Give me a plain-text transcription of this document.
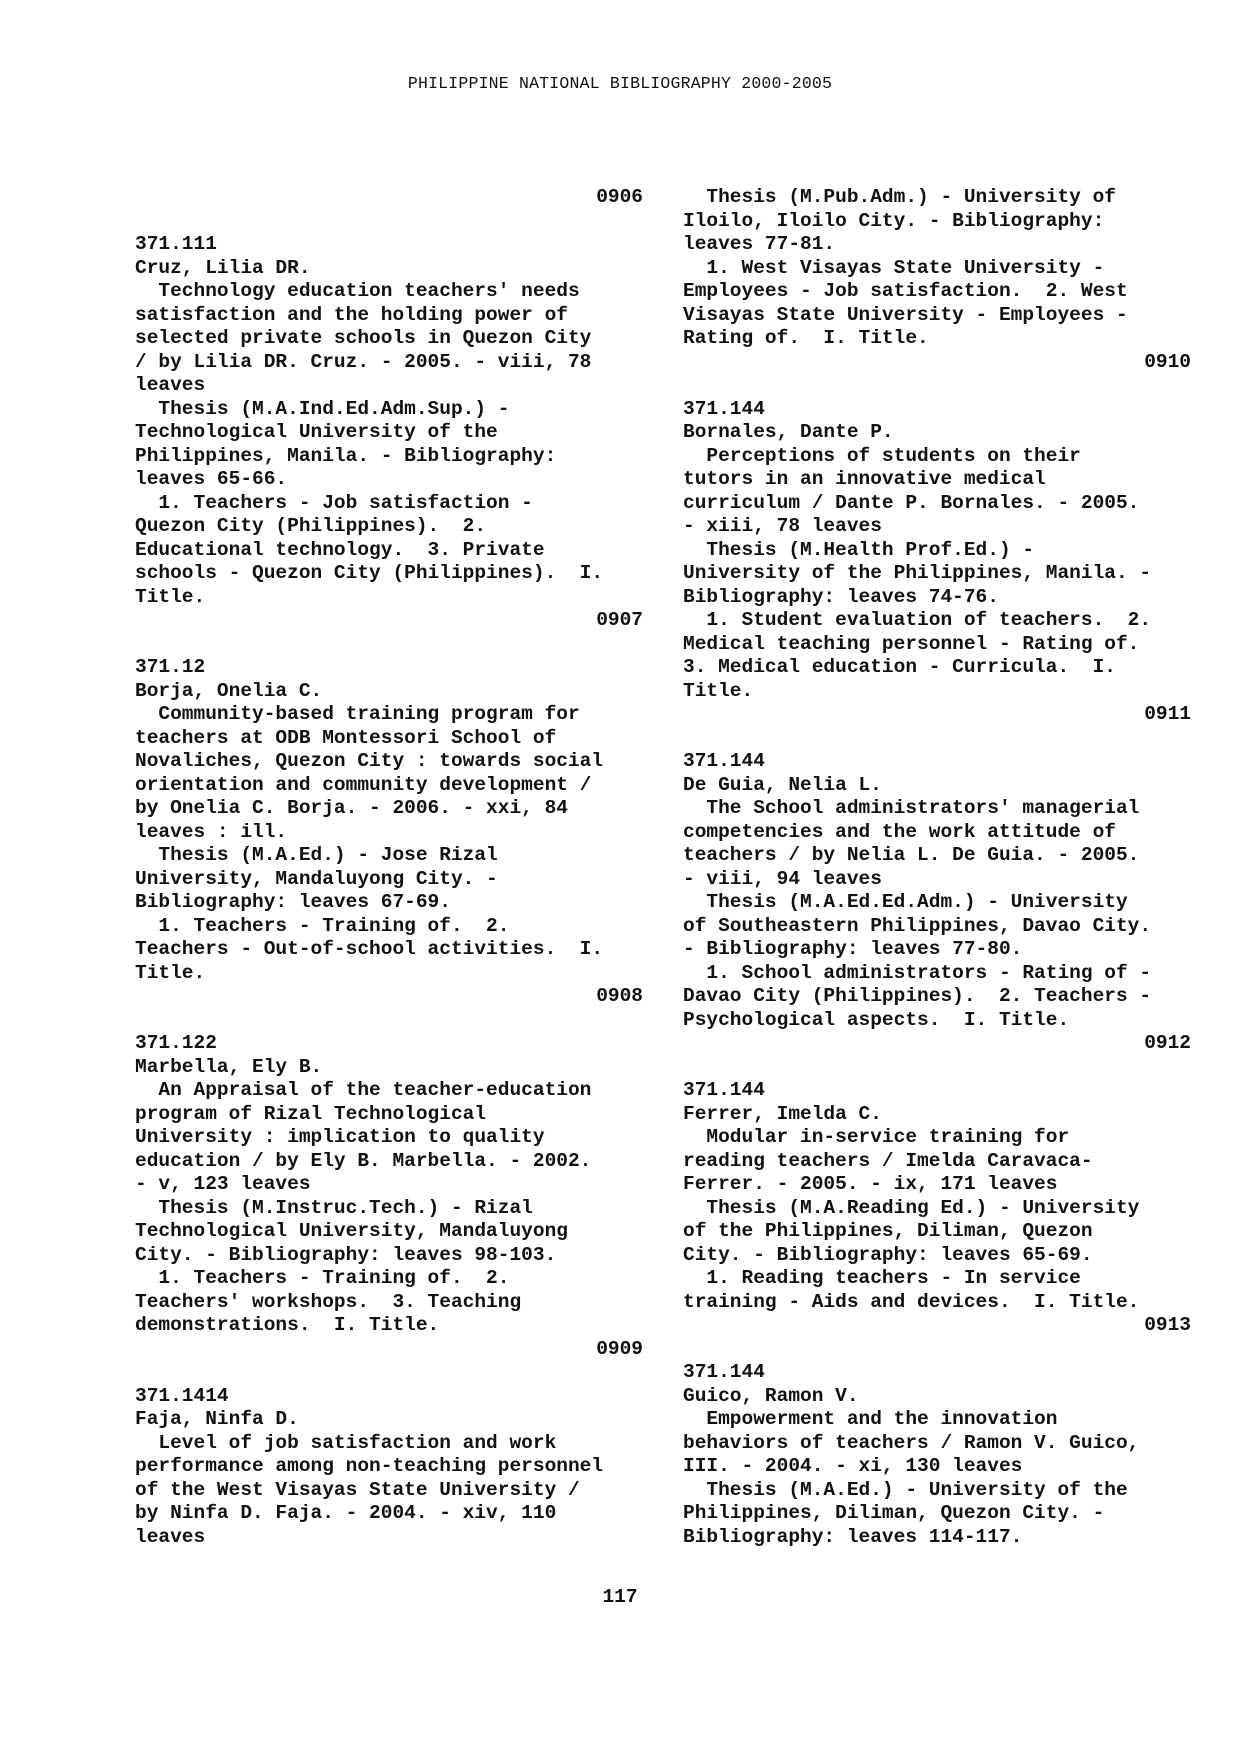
PHILIPPINE NATIONAL BIBLIOGRAPHY 2000-2005
0906
371.111
Cruz, Lilia DR.
Technology education teachers' needs
satisfaction and the holding power of
selected private schools in Quezon City
/ by Lilia DR. Cruz. - 2005. - viii, 78
leaves
Thesis (M.A.Ind.Ed.Adm.Sup.) -
Technological University of the
Philippines, Manila. - Bibliography:
leaves 65-66.
1. Teachers - Job satisfaction -
Quezon City (Philippines).  2.
Educational technology.  3. Private
schools - Quezon City (Philippines).  I.
Title.
0907
371.12
Borja, Onelia C.
Community-based training program for
teachers at ODB Montessori School of
Novaliches, Quezon City : towards social
orientation and community development /
by Onelia C. Borja. - 2006. - xxi, 84
leaves : ill.
Thesis (M.A.Ed.) - Jose Rizal
University, Mandaluyong City. -
Bibliography: leaves 67-69.
1. Teachers - Training of.  2.
Teachers - Out-of-school activities.  I.
Title.
0908
371.122
Marbella, Ely B.
An Appraisal of the teacher-education
program of Rizal Technological
University : implication to quality
education / by Ely B. Marbella. - 2002.
- v, 123 leaves
Thesis (M.Instruc.Tech.) - Rizal
Technological University, Mandaluyong
City. - Bibliography: leaves 98-103.
1. Teachers - Training of.  2.
Teachers' workshops.  3. Teaching
demonstrations.  I. Title.
0909
371.1414
Faja, Ninfa D.
Level of job satisfaction and work
performance among non-teaching personnel
of the West Visayas State University /
by Ninfa D. Faja. - 2004. - xiv, 110
leaves
Thesis (M.Pub.Adm.) - University of
Iloilo, Iloilo City. - Bibliography:
leaves 77-81.
1. West Visayas State University -
Employees - Job satisfaction.  2. West
Visayas State University - Employees -
Rating of.  I. Title.
0910
371.144
Bornales, Dante P.
Perceptions of students on their
tutors in an innovative medical
curriculum / Dante P. Bornales. - 2005.
- xiii, 78 leaves
Thesis (M.Health Prof.Ed.) -
University of the Philippines, Manila. -
Bibliography: leaves 74-76.
1. Student evaluation of teachers.  2.
Medical teaching personnel - Rating of.
3. Medical education - Curricula.  I.
Title.
0911
371.144
De Guia, Nelia L.
The School administrators' managerial
competencies and the work attitude of
teachers / by Nelia L. De Guia. - 2005.
- viii, 94 leaves
Thesis (M.A.Ed.Ed.Adm.) - University
of Southeastern Philippines, Davao City.
- Bibliography: leaves 77-80.
1. School administrators - Rating of -
Davao City (Philippines).  2. Teachers -
Psychological aspects.  I. Title.
0912
371.144
Ferrer, Imelda C.
Modular in-service training for
reading teachers / Imelda Caravaca-
Ferrer. - 2005. - ix, 171 leaves
Thesis (M.A.Reading Ed.) - University
of the Philippines, Diliman, Quezon
City. - Bibliography: leaves 65-69.
1. Reading teachers - In service
training - Aids and devices.  I. Title.
0913
371.144
Guico, Ramon V.
Empowerment and the innovation
behaviors of teachers / Ramon V. Guico,
III. - 2004. - xi, 130 leaves
Thesis (M.A.Ed.) - University of the
Philippines, Diliman, Quezon City. -
Bibliography: leaves 114-117.
117
